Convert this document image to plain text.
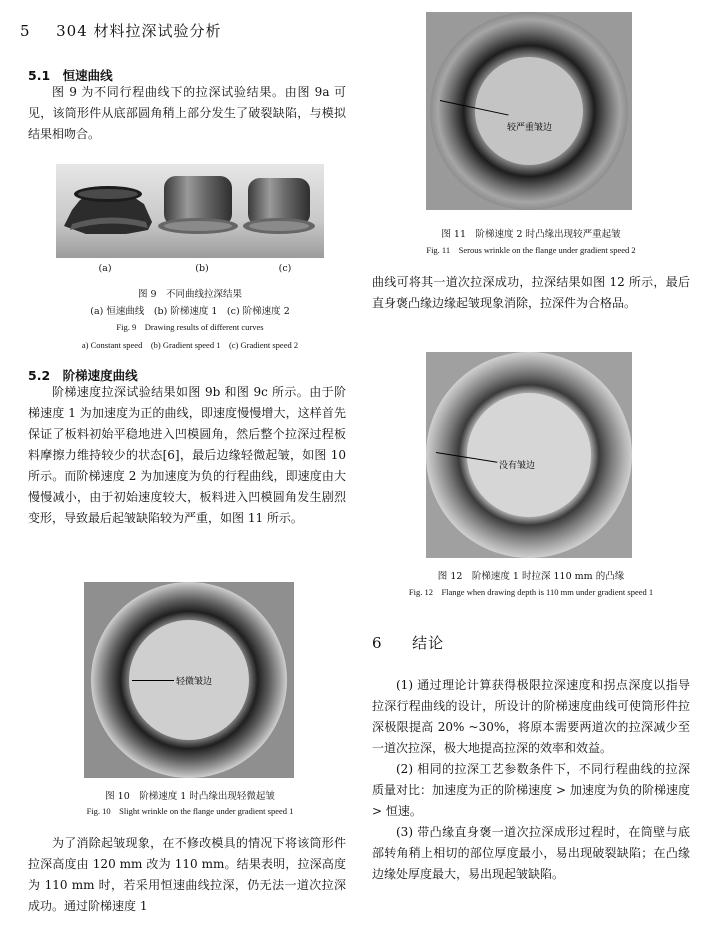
5 304 材料拉深试验分析
5.1　恒速曲线

图 9 为不同行程曲线下的拉深试验结果。由图 9a 可见，该筒形件从底部圆角稍上部分发生了破裂缺陷，与模拟结果相吻合。

(a)	(b)	(c)
图 9　不同曲线拉深结果
(a) 恒速曲线　(b) 阶梯速度 1　(c) 阶梯速度 2
Fig. 9　Drawing results of different curves
a) Constant speed　(b) Gradient speed 1　(c) Gradient speed 2
5.2　阶梯速度曲线

阶梯速度拉深试验结果如图 9b 和图 9c 所示。由于阶梯速度 1 为加速度为正的曲线，即速度慢慢增大，这样首先保证了板料初始平稳地进入凹模圆角，然后整个拉深过程板料摩擦力维持较少的状态[6]，最后边缘轻微起皱，如图 10 所示。而阶梯速度 2 为加速度为负的行程曲线，即速度由大慢慢减小，由于初始速度较大，板料进入凹模圆角发生剧烈变形，导致最后起皱缺陷较为严重，如图 11 所示。

轻微皱边
图 10　阶梯速度 1 时凸缘出现轻微起皱
Fig. 10　Slight wrinkle on the flange under gradient speed 1

为了消除起皱现象，在不修改模具的情况下将该筒形件拉深高度由 120 mm 改为 110 mm。结果表明，拉深高度为 110 mm 时，若采用恒速曲线拉深，仍无法一道次拉深成功。通过阶梯速度 1

较严重皱边
图 11　阶梯速度 2 时凸缘出现较严重起皱
Fig. 11　Serous wrinkle on the flange under gradient speed 2

曲线可将其一道次拉深成功，拉深结果如图 12 所示，最后直身褒凸缘边缘起皱现象消除，拉深件为合格品。

没有皱边
图 12　阶梯速度 1 时拉深 110 mm 的凸缘
Fig. 12　Flange when drawing depth is 110 mm under gradient speed 1
6 结论

(1) 通过理论计算获得极限拉深速度和拐点深度以指导拉深行程曲线的设计，所设计的阶梯速度曲线可使筒形件拉深极限提高 20% ~30%，将原本需要两道次的拉深减少至一道次拉深，极大地提高拉深的效率和效益。

(2) 相同的拉深工艺参数条件下，不同行程曲线的拉深质量对比：加速度为正的阶梯速度 > 加速度为负的阶梯速度 > 恒速。

(3) 带凸缘直身褒一道次拉深成形过程时，在筒壁与底部转角稍上相切的部位厚度最小，易出现破裂缺陷；在凸缘边缘处厚度最大，易出现起皱缺陷。
